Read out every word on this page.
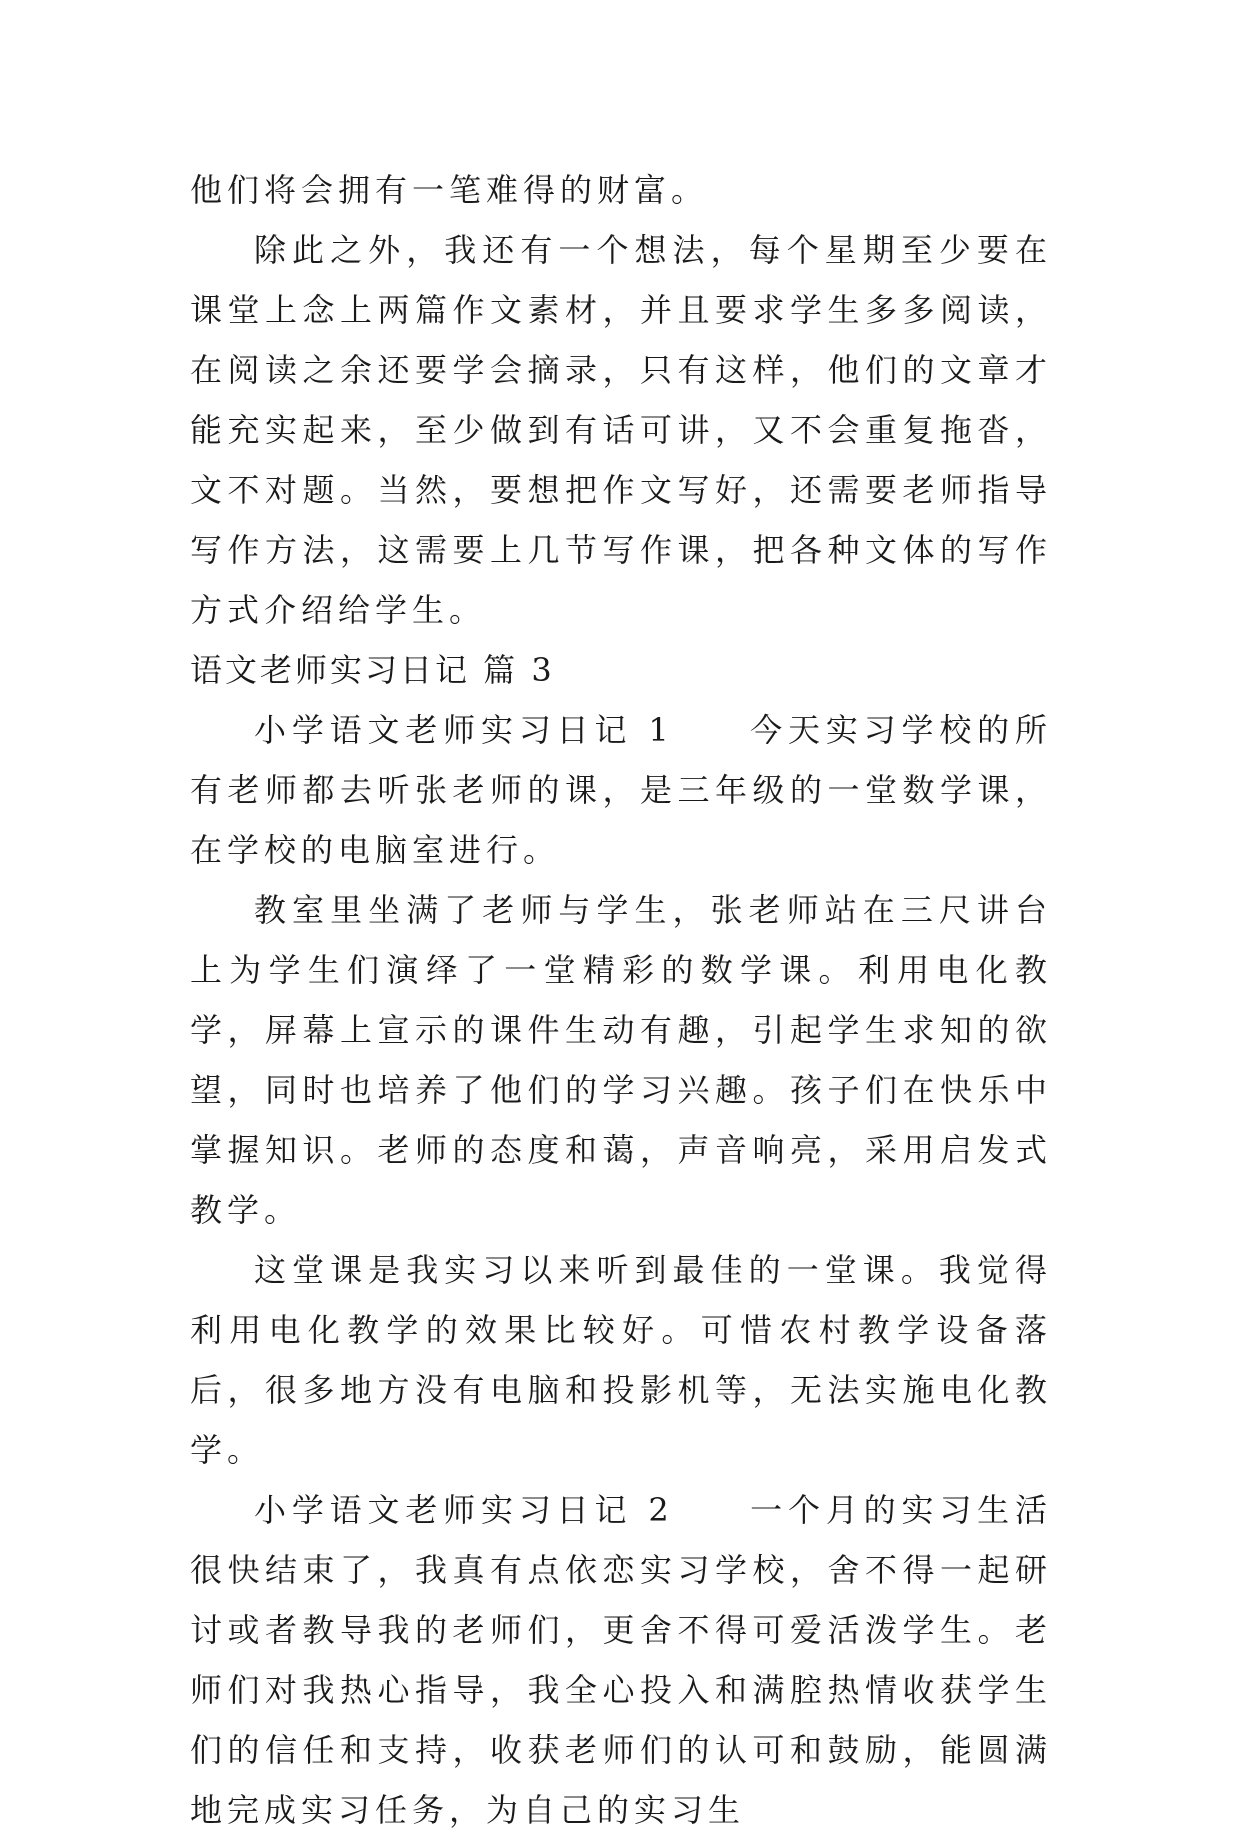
他们将会拥有一笔难得的财富。

除此之外，我还有一个想法，每个星期至少要在课堂上念上两篇作文素材，并且要求学生多多阅读，在阅读之余还要学会摘录，只有这样，他们的文章才能充实起来，至少做到有话可讲，又不会重复拖沓，文不对题。当然，要想把作文写好，还需要老师指导写作方法，这需要上几节写作课，把各种文体的写作方式介绍给学生。

语文老师实习日记 篇 3

小学语文老师实习日记 1　　今天实习学校的所有老师都去听张老师的课，是三年级的一堂数学课，在学校的电脑室进行。

教室里坐满了老师与学生，张老师站在三尺讲台上为学生们演绎了一堂精彩的数学课。利用电化教学，屏幕上宣示的课件生动有趣，引起学生求知的欲望，同时也培养了他们的学习兴趣。孩子们在快乐中掌握知识。老师的态度和蔼，声音响亮，采用启发式教学。

这堂课是我实习以来听到最佳的一堂课。我觉得利用电化教学的效果比较好。可惜农村教学设备落后，很多地方没有电脑和投影机等，无法实施电化教学。

小学语文老师实习日记 2　　一个月的实习生活很快结束了，我真有点依恋实习学校，舍不得一起研讨或者教导我的老师们，更舍不得可爱活泼学生。老师们对我热心指导，我全心投入和满腔热情收获学生们的信任和支持，收获老师们的认可和鼓励，能圆满地完成实习任务，为自己的实习生
